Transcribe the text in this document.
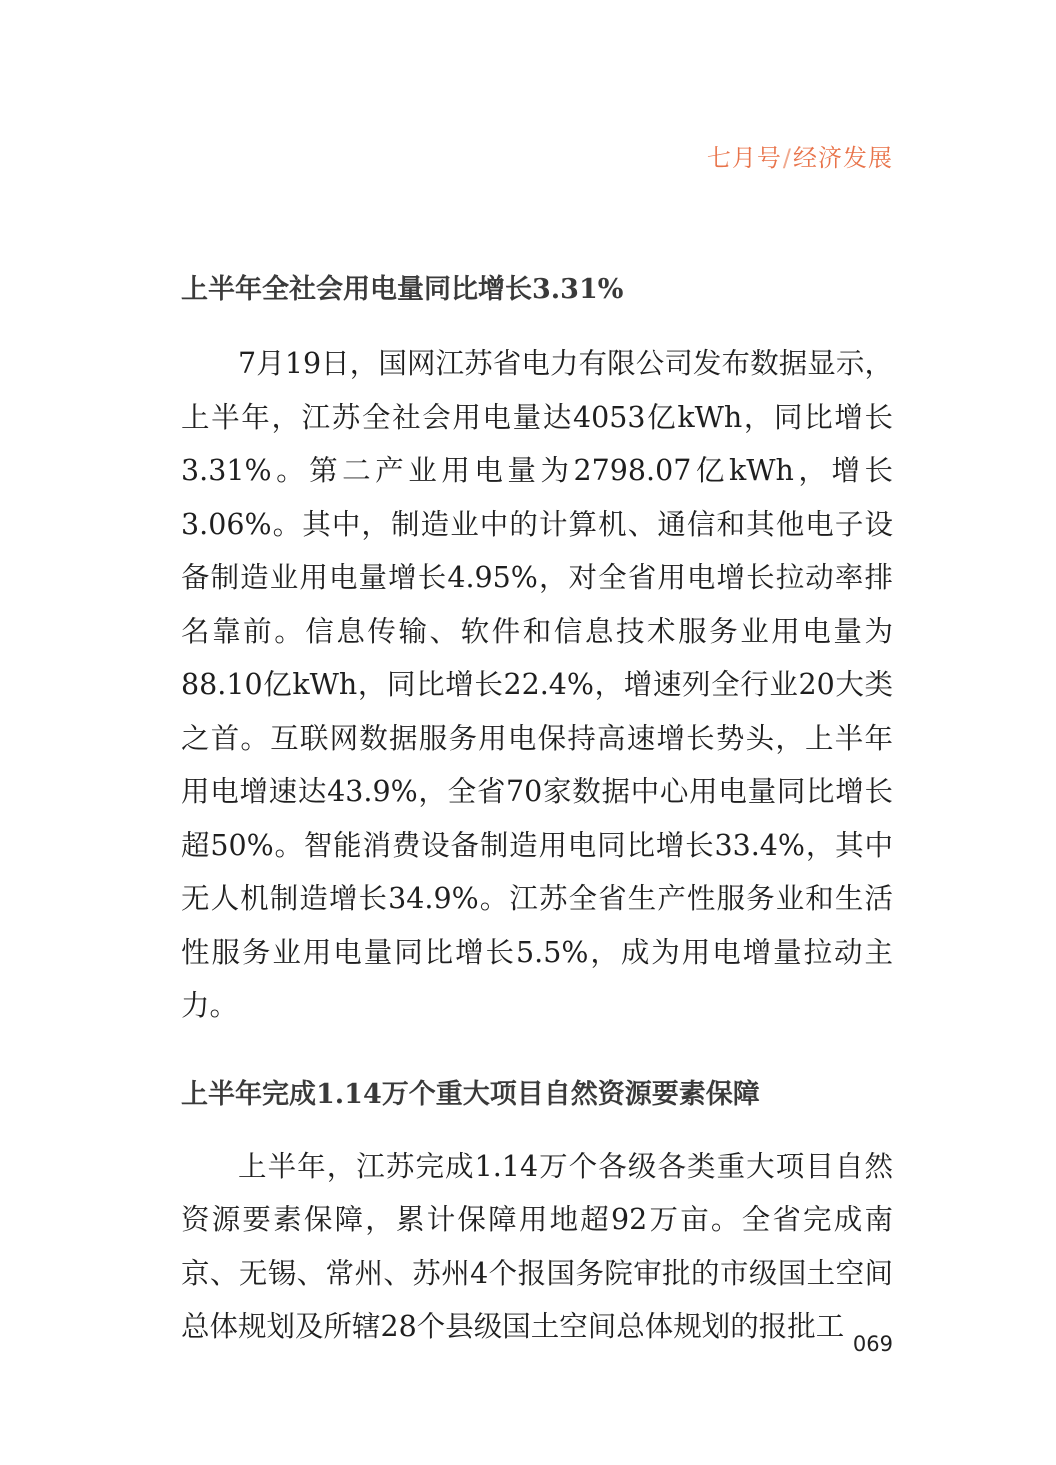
七月号/经济发展
上半年全社会用电量同比增长3.31%

7月19日，国网江苏省电力有限公司发布数据显示，上半年，江苏全社会用电量达4053亿kWh，同比增长3.31%。第二产业用电量为2798.07亿kWh，增长3.06%。其中，制造业中的计算机、通信和其他电子设备制造业用电量增长4.95%，对全省用电增长拉动率排名靠前。信息传输、软件和信息技术服务业用电量为88.10亿kWh，同比增长22.4%，增速列全行业20大类之首。互联网数据服务用电保持高速增长势头，上半年用电增速达43.9%，全省70家数据中心用电量同比增长超50%。智能消费设备制造用电同比增长33.4%，其中无人机制造增长34.9%。江苏全省生产性服务业和生活性服务业用电量同比增长5.5%，成为用电增量拉动主力。

上半年完成1.14万个重大项目自然资源要素保障

上半年，江苏完成1.14万个各级各类重大项目自然资源要素保障，累计保障用地超92万亩。全省完成南京、无锡、常州、苏州4个报国务院审批的市级国土空间总体规划及所辖28个县级国土空间总体规划的报批工

069
